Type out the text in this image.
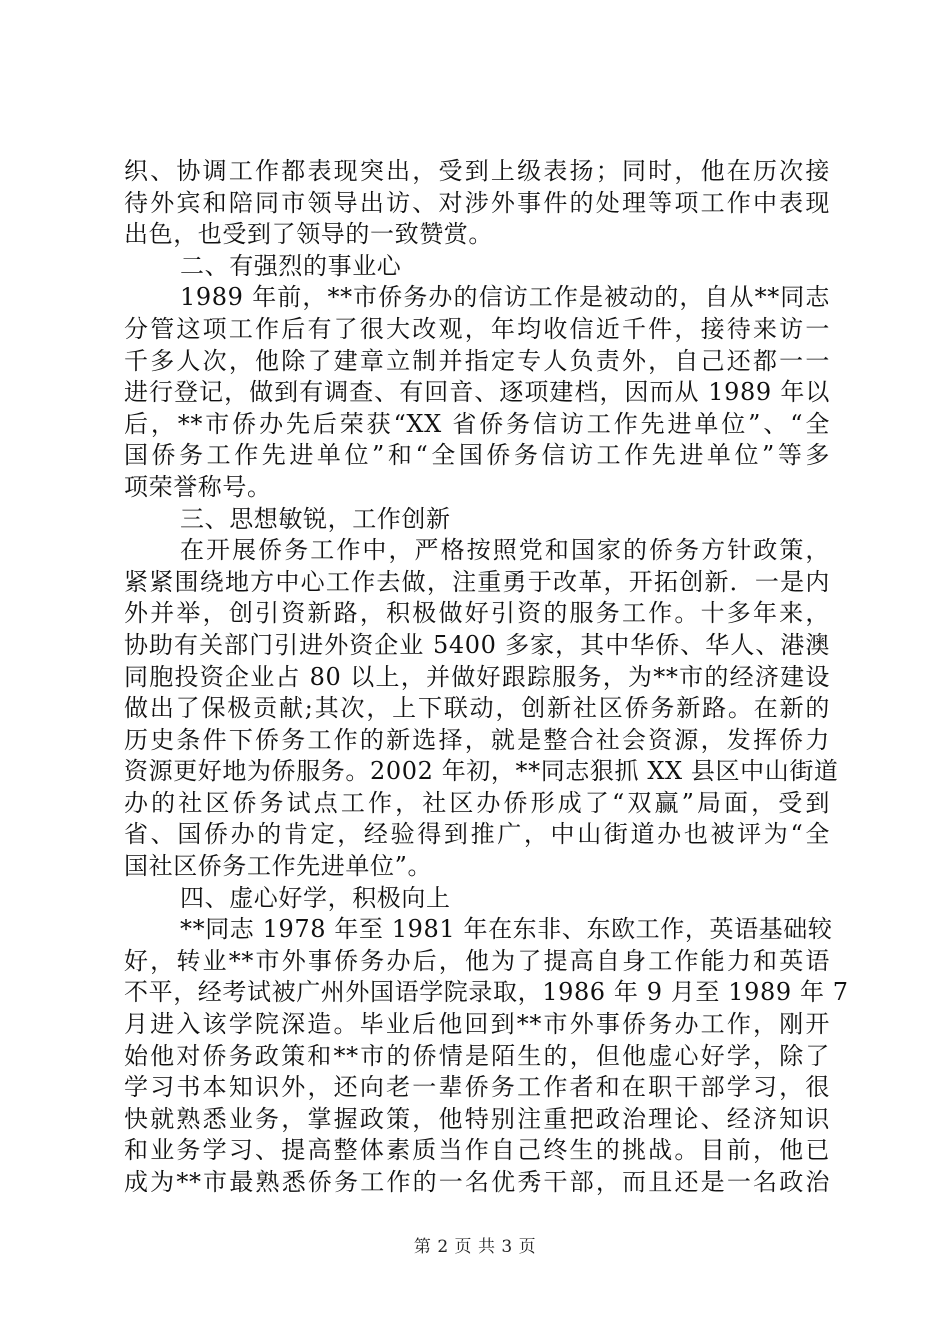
织、协调工作都表现突出，受到上级表扬；同时，他在历次接
待外宾和陪同市领导出访、对涉外事件的处理等项工作中表现
出色，也受到了领导的一致赞赏。
二、有强烈的事业心
1989 年前，**市侨务办的信访工作是被动的，自从**同志
分管这项工作后有了很大改观，年均收信近千件，接待来访一
千多人次，他除了建章立制并指定专人负责外，自己还都一一
进行登记，做到有调查、有回音、逐项建档，因而从 1989 年以
后，**市侨办先后荣获“XX 省侨务信访工作先进单位”、“全
国侨务工作先进单位”和“全国侨务信访工作先进单位”等多
项荣誉称号。
三、思想敏锐，工作创新
在开展侨务工作中，严格按照党和国家的侨务方针政策，
紧紧围绕地方中心工作去做，注重勇于改革，开拓创新．一是内
外并举，创引资新路，积极做好引资的服务工作。十多年来，
协助有关部门引进外资企业 5400 多家，其中华侨、华人、港澳
同胞投资企业占 80 以上，并做好跟踪服务，为**市的经济建设
做出了保极贡献;其次，上下联动，创新社区侨务新路。在新的
历史条件下侨务工作的新选择，就是整合社会资源，发挥侨力
资源更好地为侨服务。2002 年初，**同志狠抓 XX 县区中山街道
办的社区侨务试点工作，社区办侨形成了“双赢”局面，受到
省、国侨办的肯定，经验得到推广，中山街道办也被评为“全
国社区侨务工作先进单位”。
四、虚心好学，积极向上
**同志 1978 年至 1981 年在东非、东欧工作，英语基础较
好，转业**市外事侨务办后，他为了提高自身工作能力和英语
不平，经考试被广州外国语学院录取，1986 年 9 月至 1989 年 7
月进入该学院深造。毕业后他回到**市外事侨务办工作，刚开
始他对侨务政策和**市的侨情是陌生的，但他虚心好学，除了
学习书本知识外，还向老一辈侨务工作者和在职干部学习，很
快就熟悉业务，掌握政策，他特别注重把政治理论、经济知识
和业务学习、提高整体素质当作自己终生的挑战。目前，他已
成为**市最熟悉侨务工作的一名优秀干部，而且还是一名政治
第 2 页 共 3 页
